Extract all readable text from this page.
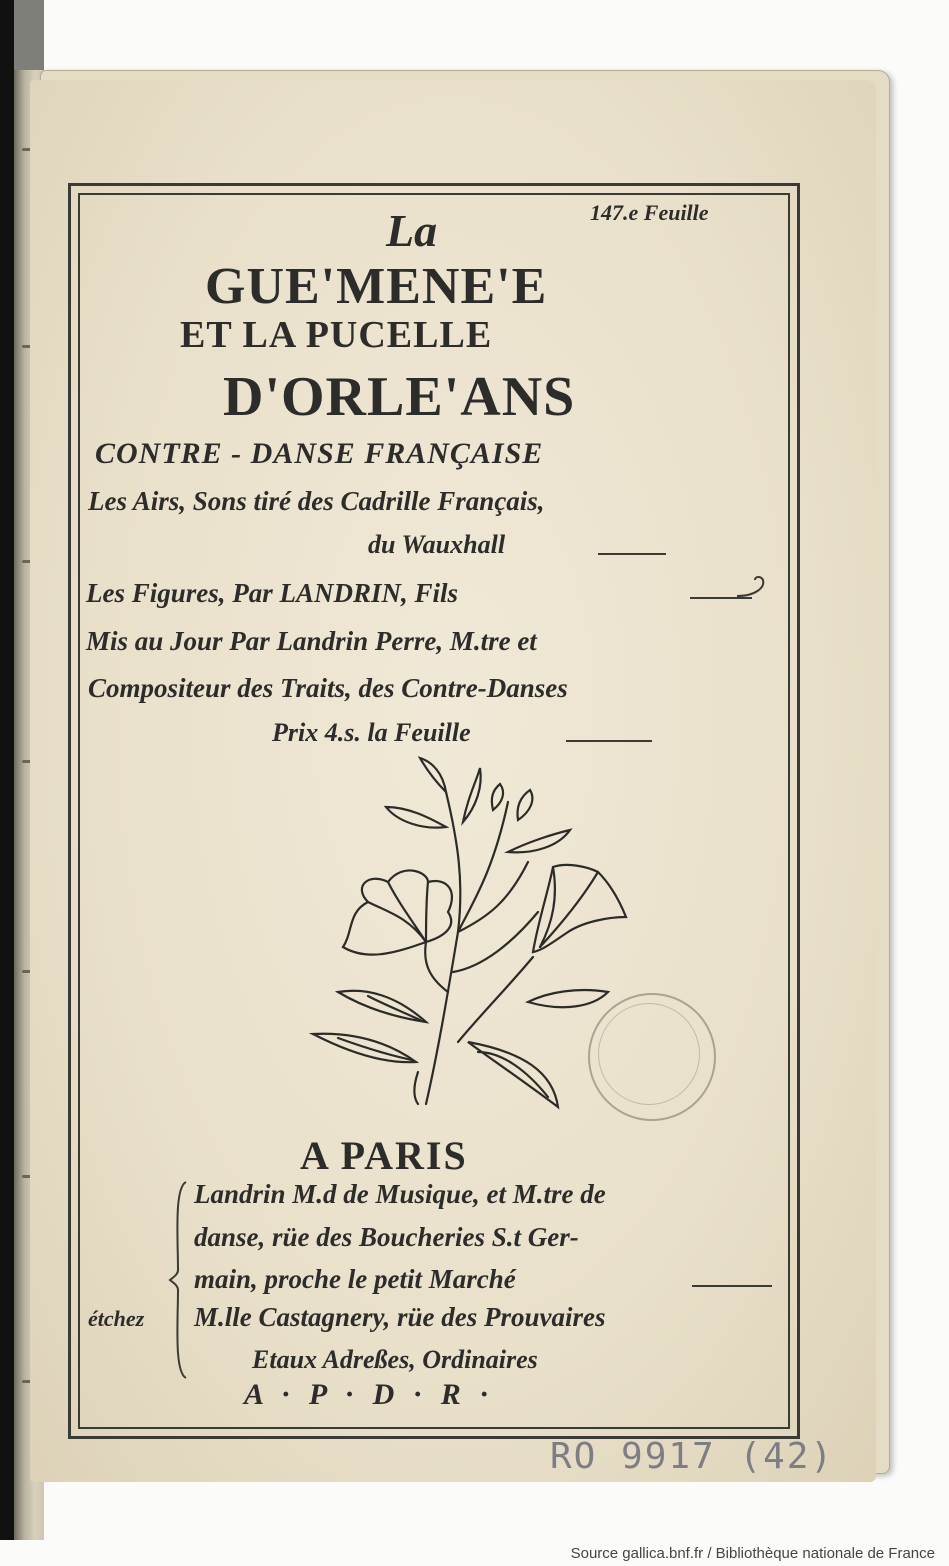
147.e Feuille
La
GUE'MENE'E
ET LA PUCELLE
D'ORLE'ANS
CONTRE - DANSE FRANÇAISE
Les Airs, Sons tiré des Cadrille Français,
du Wauxhall
Les Figures, Par LANDRIN, Fils
Mis au Jour Par Landrin Perre, M.tre et
Compositeur des Traits, des Contre-Danses
Prix 4.s. la Feuille
A PARIS
Landrin M.d de Musique, et M.tre de
danse, rüe des Boucheries S.t Ger-
main, proche le petit Marché
étchez M.lle Castagnery, rüe des Prouvaires
Etaux Adreßes, Ordinaires
A · P · D · R ·
RO 9917 (42)
Source gallica.bnf.fr / Bibliothèque nationale de France
